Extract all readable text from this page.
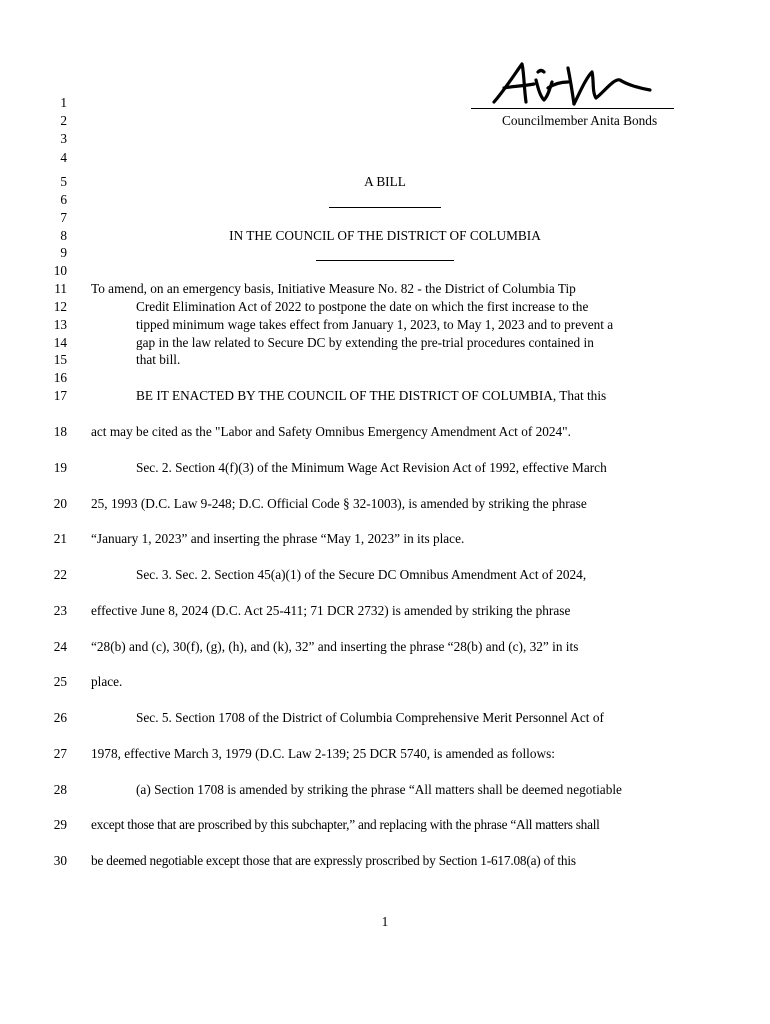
Councilmember Anita Bonds
1
2
3
4
5
6
7
8
9
10
11
12
13
14
15
16
17
18
19
20
21
22
23
24
25
26
27
28
29
30
A BILL
IN THE COUNCIL OF THE DISTRICT OF COLUMBIA
To amend, on an emergency basis, Initiative Measure No. 82 - the District of Columbia Tip
Credit Elimination Act of 2022 to postpone the date on which the first increase to the
tipped minimum wage takes effect from January 1, 2023, to May 1, 2023 and to prevent a
gap in the law related to Secure DC by extending the pre-trial procedures contained in
that bill.
BE IT ENACTED BY THE COUNCIL OF THE DISTRICT OF COLUMBIA, That this
act may be cited as the "Labor and Safety Omnibus Emergency Amendment Act of 2024".
Sec. 2. Section 4(f)(3) of the Minimum Wage Act Revision Act of 1992, effective March
25, 1993 (D.C. Law 9-248; D.C. Official Code § 32-1003), is amended by striking the phrase
“January 1, 2023” and inserting the phrase “May 1, 2023” in its place.
Sec. 3. Sec. 2. Section 45(a)(1) of the Secure DC Omnibus Amendment Act of 2024,
effective June 8, 2024 (D.C. Act 25-411; 71 DCR 2732) is amended by striking the phrase
“28(b) and (c), 30(f), (g), (h), and (k), 32” and inserting the phrase “28(b) and (c), 32” in its
place.
Sec. 5. Section 1708 of the District of Columbia Comprehensive Merit Personnel Act of
1978, effective March 3, 1979 (D.C. Law 2-139; 25 DCR 5740, is amended as follows:
(a) Section 1708 is amended by striking the phrase “All matters shall be deemed negotiable
except those that are proscribed by this subchapter,” and replacing with the phrase “All matters shall
be deemed negotiable except those that are expressly proscribed by Section 1-617.08(a) of this
1
